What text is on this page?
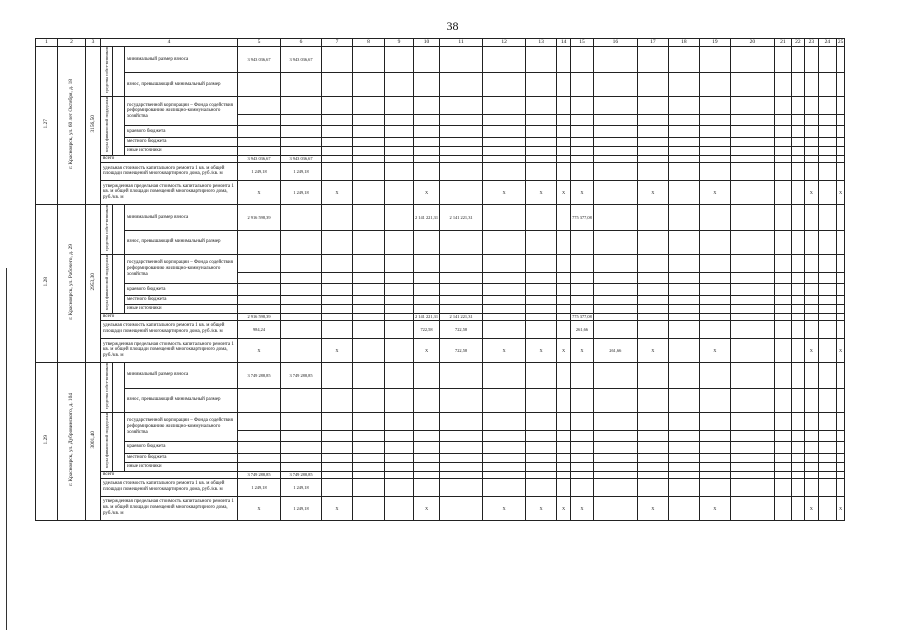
38
1	2	3	4			5	6	7	8	9	10	11	12	13	14	15	16	17	18	19	20	21	22	23	24	25
1.27	г. Красноярск, ул. 60 лет Октября, д. 18	3156,50	средства собст-венников		минимальный размер взноса	3 943 036,67	3 943 036,67																			
					взнос, превышающий минимальный размер																					
			меры финансовой поддержки		государственной корпорации – Фонда содействия реформированию жилищно-коммунального хозяйства																					

					краевого бюджета																					
					местного бюджета																					
					иные источники																					
			всего			3 943 036,67	3 943 036,67																			
			удельная стоимость капитального ремонта 1 кв. м общей площади помещений многоквартирного дома, руб./кв. м			1 249,18	1 249,18																			
			утвержденная предельная стоимость капитального ремонта 1 кв. м общей площади помещений многоквартирного дома, руб./кв. м			X	1 249,18	X			X		X	X	X	X		X		X				X		X
1.28	г. Красноярск, ул. Рабочего, д. 29	2953,30	средства собст-венников		минимальный размер взноса	2 916 598,39					2 141 221,31	2 141 221,31				775 377,08										
					взнос, превышающий минимальный размер																					
			меры финансовой поддержки		государственной корпорации – Фонда содействия реформированию жилищно-коммунального хозяйства																					

					краевого бюджета																					
					местного бюджета																					
					иные источники																					
			всего			2 916 598,39					2 141 221,31	2 141 221,31				775 377,08										
			удельная стоимость капитального ремонта 1 кв. м общей площади помещений многоквартирного дома, руб./кв. м			984,24					722,58	722,58				261,66										
			утвержденная предельная стоимость капитального ремонта 1 кв. м общей площади помещений многоквартирного дома, руб./кв. м			X		X			X	722,58	X	X	X	X	261,66	X		X				X		X
1.29	г. Красноярск, ул. Дубровинского, д. 104	3001,40	средства собст-венников		минимальный размер взноса	3 749 288,85	3 749 288,85																			
					взнос, превышающий минимальный размер																					
			меры финансовой поддержки		государственной корпорации – Фонда содействия реформированию жилищно-коммунального хозяйства																					

					краевого бюджета																					
					местного бюджета																					
					иные источники																					
			всего			3 749 288,85	3 749 288,85																			
			удельная стоимость капитального ремонта 1 кв. м общей площади помещений многоквартирного дома, руб./кв. м			1 249,18	1 249,18																			
			утвержденная предельная стоимость капитального ремонта 1 кв. м общей площади помещений многоквартирного дома, руб./кв. м			X	1 249,18	X			X		X	X	X	X		X		X				X		X
